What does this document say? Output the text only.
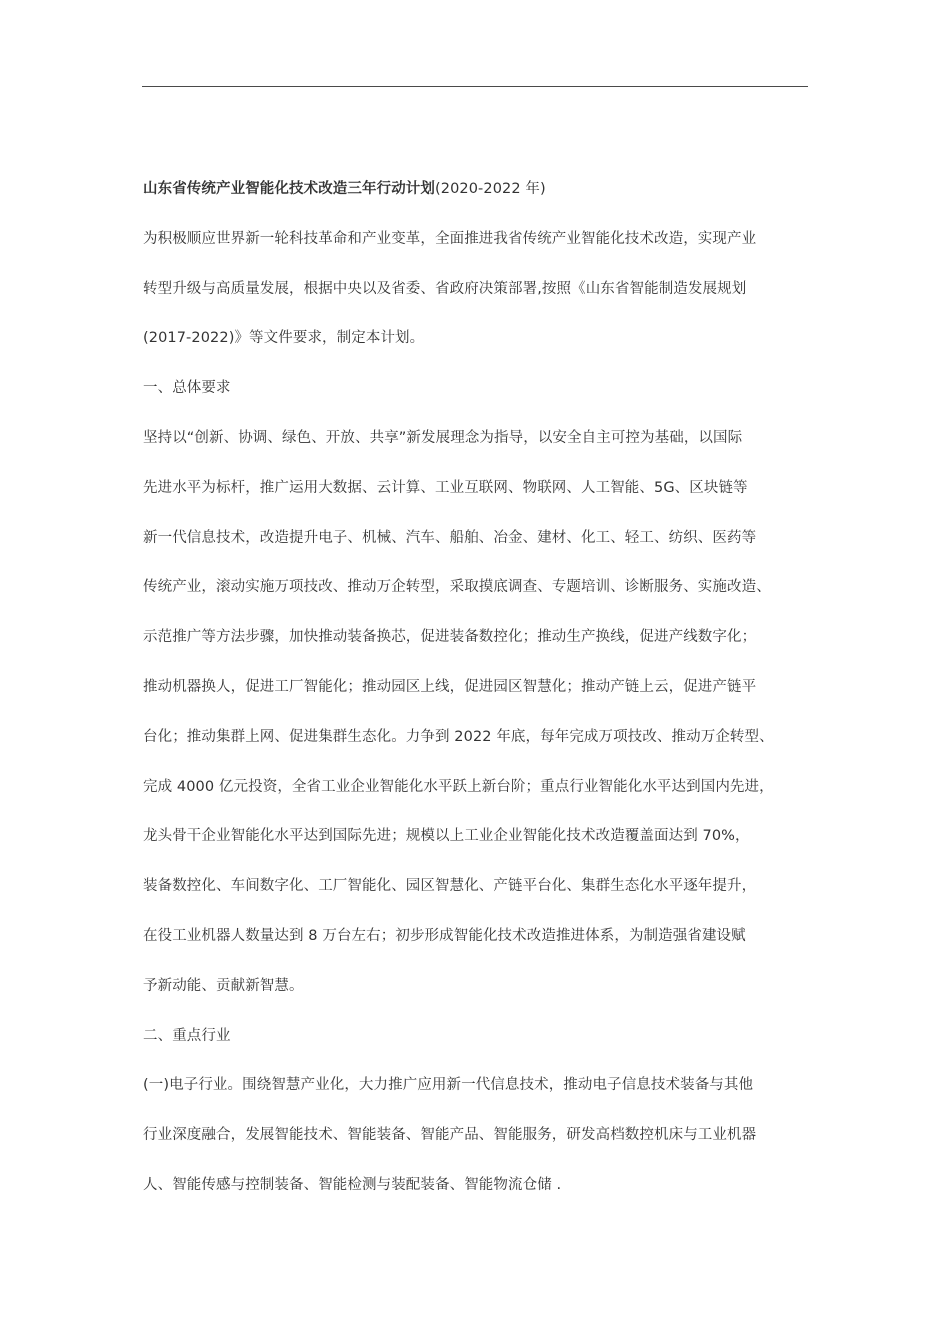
山东省传统产业智能化技术改造三年行动计划(2020-2022 年)
为积极顺应世界新一轮科技革命和产业变革，全面推进我省传统产业智能化技术改造，实现产业
转型升级与高质量发展，根据中央以及省委、省政府决策部署,按照《山东省智能制造发展规划
(2017-2022)》等文件要求，制定本计划。
一、总体要求
坚持以“创新、协调、绿色、开放、共享”新发展理念为指导，以安全自主可控为基础，以国际
先进水平为标杆，推广运用大数据、云计算、工业互联网、物联网、人工智能、5G、区块链等
新一代信息技术，改造提升电子、机械、汽车、船舶、冶金、建材、化工、轻工、纺织、医药等
传统产业，滚动实施万项技改、推动万企转型，采取摸底调查、专题培训、诊断服务、实施改造、
示范推广等方法步骤，加快推动装备换芯，促进装备数控化；推动生产换线，促进产线数字化；
推动机器换人，促进工厂智能化；推动园区上线，促进园区智慧化；推动产链上云，促进产链平
台化；推动集群上网、促进集群生态化。力争到 2022 年底，每年完成万项技改、推动万企转型、
完成 4000 亿元投资，全省工业企业智能化水平跃上新台阶；重点行业智能化水平达到国内先进，
龙头骨干企业智能化水平达到国际先进；规模以上工业企业智能化技术改造覆盖面达到 70%，
装备数控化、车间数字化、工厂智能化、园区智慧化、产链平台化、集群生态化水平逐年提升，
在役工业机器人数量达到 8 万台左右；初步形成智能化技术改造推进体系，为制造强省建设赋
予新动能、贡献新智慧。
二、重点行业
(一)电子行业。围绕智慧产业化，大力推广应用新一代信息技术，推动电子信息技术装备与其他
行业深度融合，发展智能技术、智能装备、智能产品、智能服务，研发高档数控机床与工业机器
人、智能传感与控制装备、智能检测与装配装备、智能物流仓储 .
